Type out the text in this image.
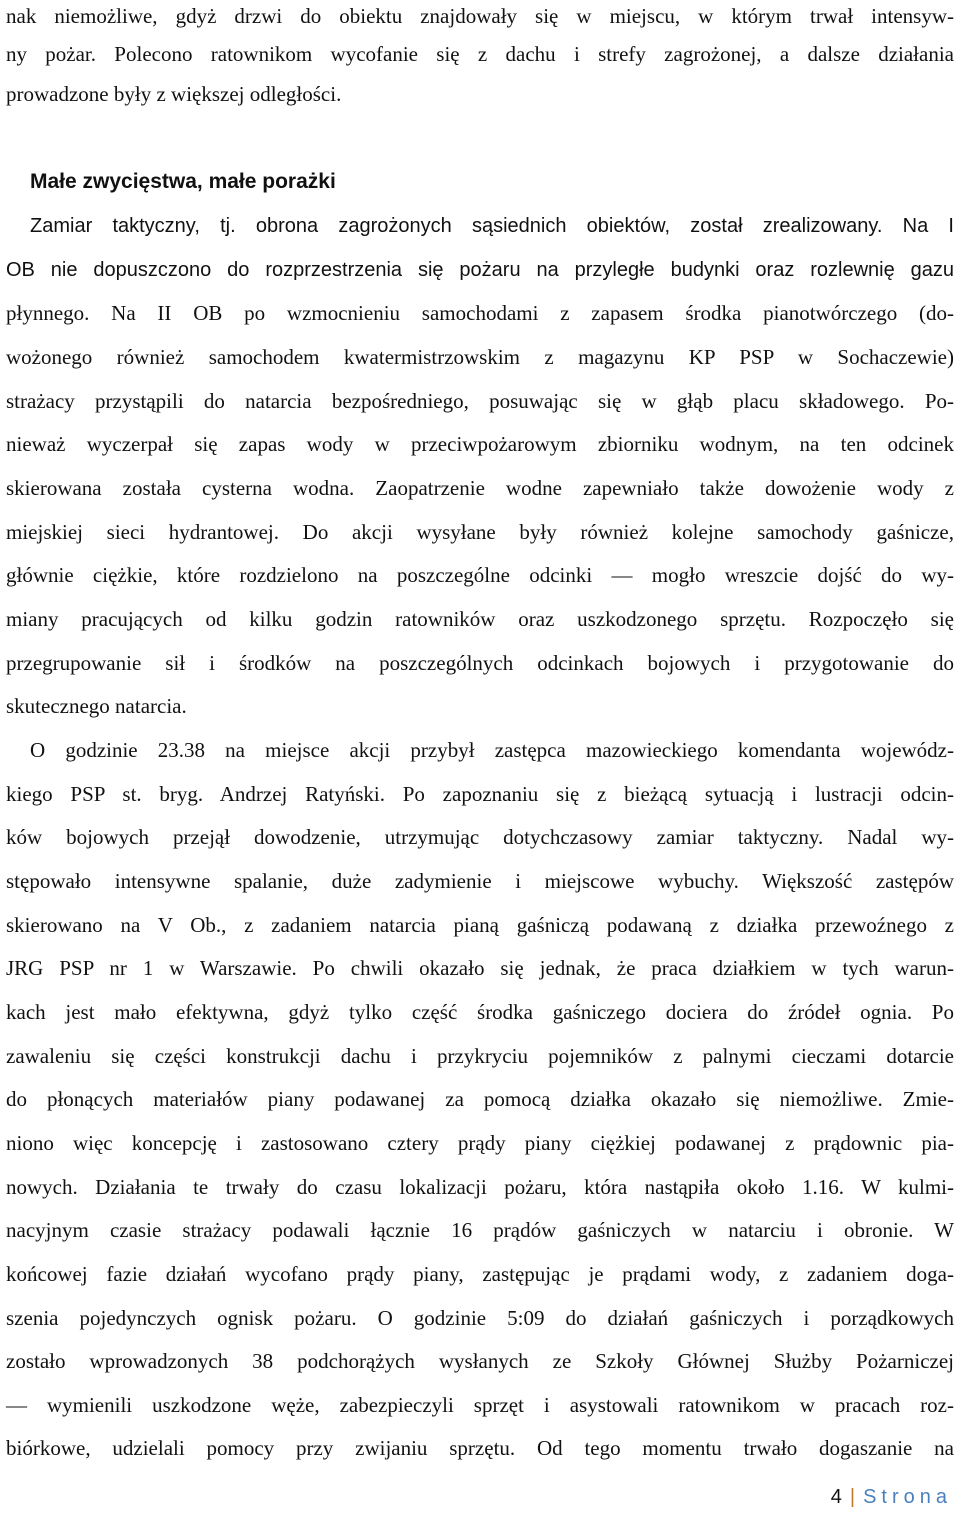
nak niemożliwe, gdyż drzwi do obiektu znajdowały się w miejscu, w którym trwał intensyw-
ny pożar. Polecono ratownikom wycofanie się z dachu i strefy zagrożonej, a dalsze działania
prowadzone były z większej odległości.
Małe zwycięstwa, małe porażki
Zamiar taktyczny, tj. obrona zagrożonych sąsiednich obiektów, został zrealizowany. Na I
OB nie dopuszczono do rozprzestrzenia się pożaru na przyległe budynki oraz rozlewnię gazu
płynnego. Na II OB po wzmocnieniu samochodami z zapasem środka pianotwórczego (do-
wożonego również samochodem kwatermistrzowskim z magazynu KP PSP w Sochaczewie)
strażacy przystąpili do natarcia bezpośredniego, posuwając się w głąb placu składowego. Po-
nieważ wyczerpał się zapas wody w przeciwpożarowym zbiorniku wodnym, na ten odcinek
skierowana została cysterna wodna. Zaopatrzenie wodne zapewniało także dowożenie wody z
miejskiej sieci hydrantowej. Do akcji wysyłane były również kolejne samochody gaśnicze,
głównie ciężkie, które rozdzielono na poszczególne odcinki — mogło wreszcie dojść do wy-
miany pracujących od kilku godzin ratowników oraz uszkodzonego sprzętu. Rozpoczęło się
przegrupowanie sił i środków na poszczególnych odcinkach bojowych i przygotowanie do
skutecznego natarcia.
O godzinie 23.38 na miejsce akcji przybył zastępca mazowieckiego komendanta wojewódz-
kiego PSP st. bryg. Andrzej Ratyński. Po zapoznaniu się z bieżącą sytuacją i lustracji odcin-
ków bojowych przejął dowodzenie, utrzymując dotychczasowy zamiar taktyczny. Nadal wy-
stępowało intensywne spalanie, duże zadymienie i miejscowe wybuchy. Większość zastępów
skierowano na V Ob., z zadaniem natarcia pianą gaśniczą podawaną z działka przewoźnego z
JRG PSP nr 1 w Warszawie. Po chwili okazało się jednak, że praca działkiem w tych warun-
kach jest mało efektywna, gdyż tylko część środka gaśniczego dociera do źródeł ognia. Po
zawaleniu się części konstrukcji dachu i przykryciu pojemników z palnymi cieczami dotarcie
do płonących materiałów piany podawanej za pomocą działka okazało się niemożliwe. Zmie-
niono więc koncepcję i zastosowano cztery prądy piany ciężkiej podawanej z prądownic pia-
nowych. Działania te trwały do czasu lokalizacji pożaru, która nastąpiła około 1.16. W kulmi-
nacyjnym czasie strażacy podawali łącznie 16 prądów gaśniczych w natarciu i obronie. W
końcowej fazie działań wycofano prądy piany, zastępując je prądami wody, z zadaniem doga-
szenia pojedynczych ognisk pożaru. O godzinie 5:09 do działań gaśniczych i porządkowych
zostało wprowadzonych 38 podchorążych wysłanych ze Szkoły Głównej Służby Pożarniczej
— wymienili uszkodzone węże, zabezpieczyli sprzęt i asystowali ratownikom w pracach roz-
biórkowe, udzielali pomocy przy zwijaniu sprzętu. Od tego momentu trwało dogaszanie na
4 | Strona
